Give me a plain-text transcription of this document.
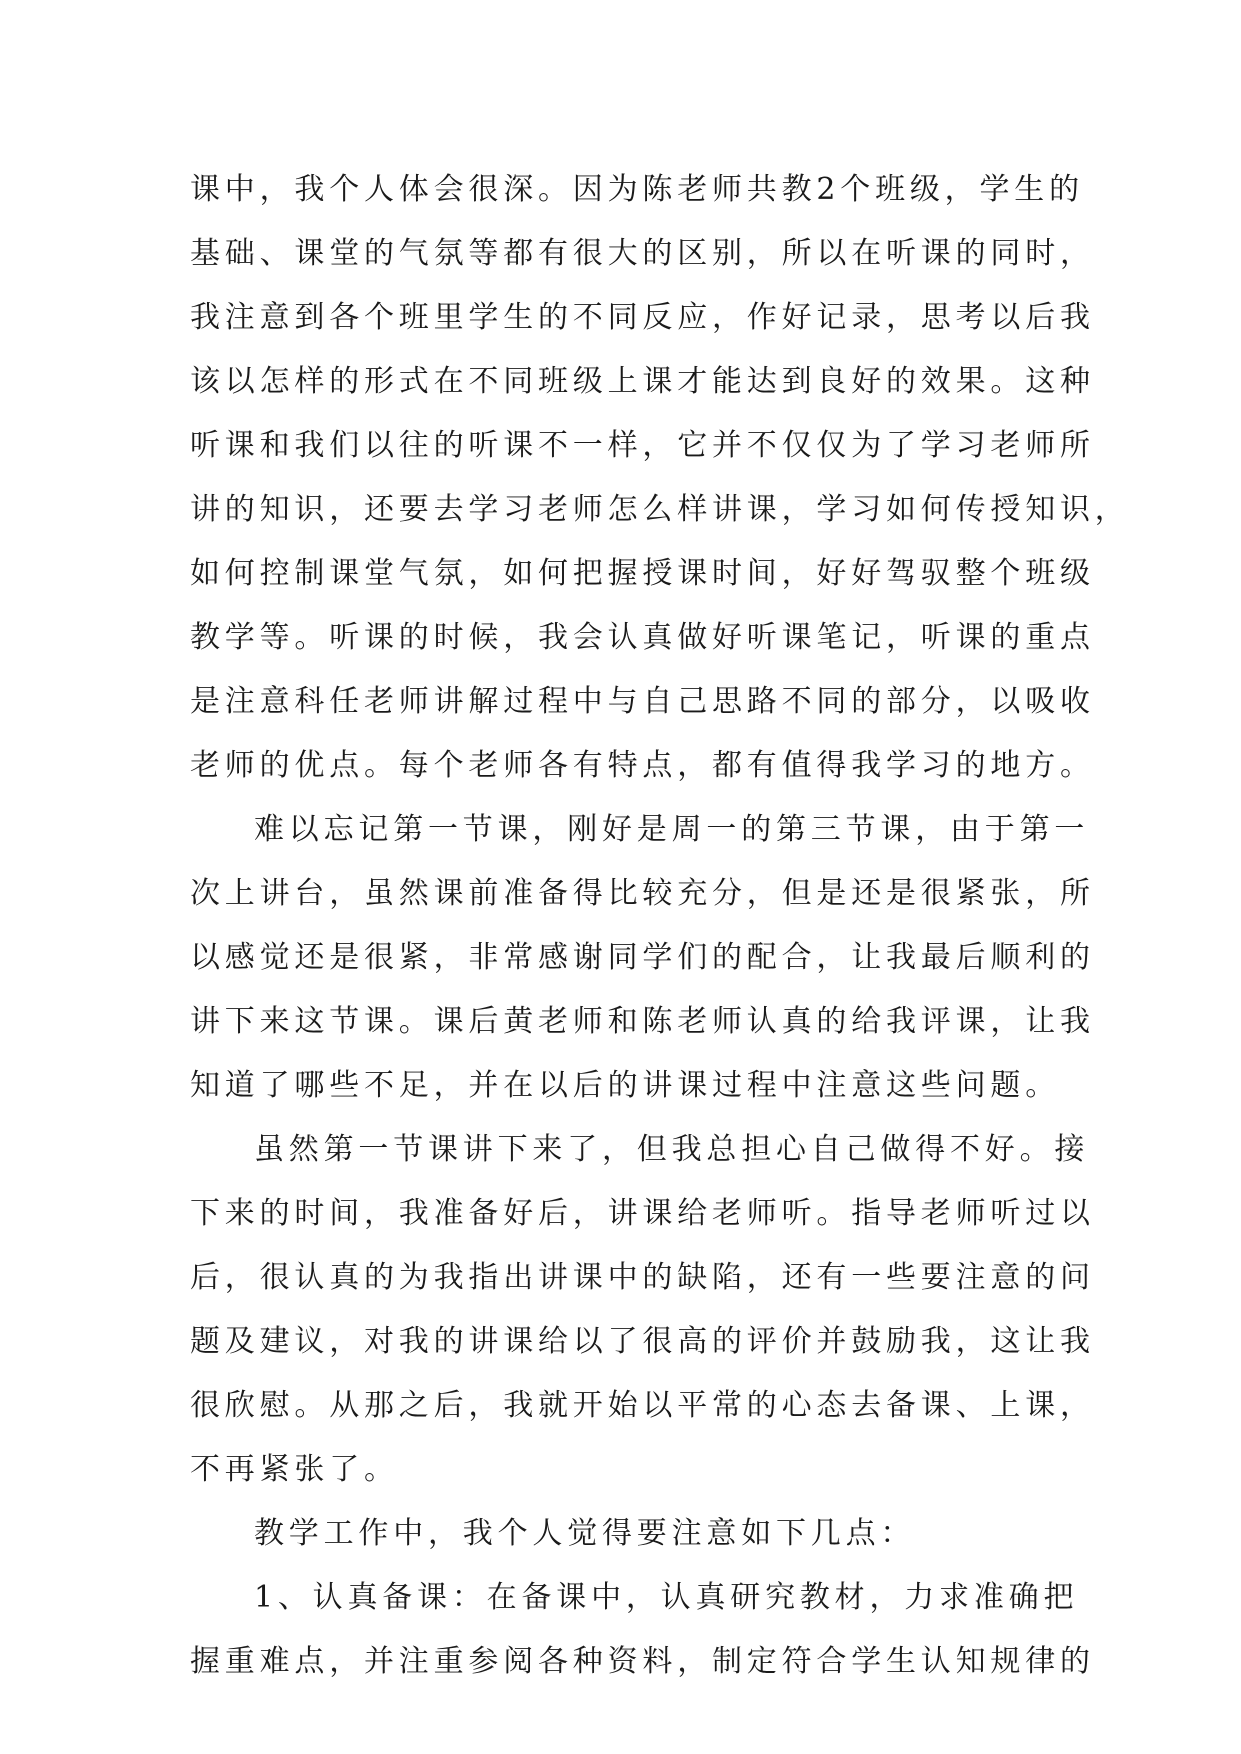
课中，我个人体会很深。因为陈老师共教2个班级，学生的
基础、课堂的气氛等都有很大的区别，所以在听课的同时，
我注意到各个班里学生的不同反应，作好记录，思考以后我
该以怎样的形式在不同班级上课才能达到良好的效果。这种
听课和我们以往的听课不一样，它并不仅仅为了学习老师所
讲的知识，还要去学习老师怎么样讲课，学习如何传授知识，
如何控制课堂气氛，如何把握授课时间，好好驾驭整个班级
教学等。听课的时候，我会认真做好听课笔记，听课的重点
是注意科任老师讲解过程中与自己思路不同的部分，以吸收
老师的优点。每个老师各有特点，都有值得我学习的地方。
难以忘记第一节课，刚好是周一的第三节课，由于第一
次上讲台，虽然课前准备得比较充分，但是还是很紧张，所
以感觉还是很紧，非常感谢同学们的配合，让我最后顺利的
讲下来这节课。课后黄老师和陈老师认真的给我评课，让我
知道了哪些不足，并在以后的讲课过程中注意这些问题。
虽然第一节课讲下来了，但我总担心自己做得不好。接
下来的时间，我准备好后，讲课给老师听。指导老师听过以
后，很认真的为我指出讲课中的缺陷，还有一些要注意的问
题及建议，对我的讲课给以了很高的评价并鼓励我，这让我
很欣慰。从那之后，我就开始以平常的心态去备课、上课，
不再紧张了。
教学工作中，我个人觉得要注意如下几点：
1、认真备课：在备课中，认真研究教材，力求准确把
握重难点，并注重参阅各种资料，制定符合学生认知规律的
